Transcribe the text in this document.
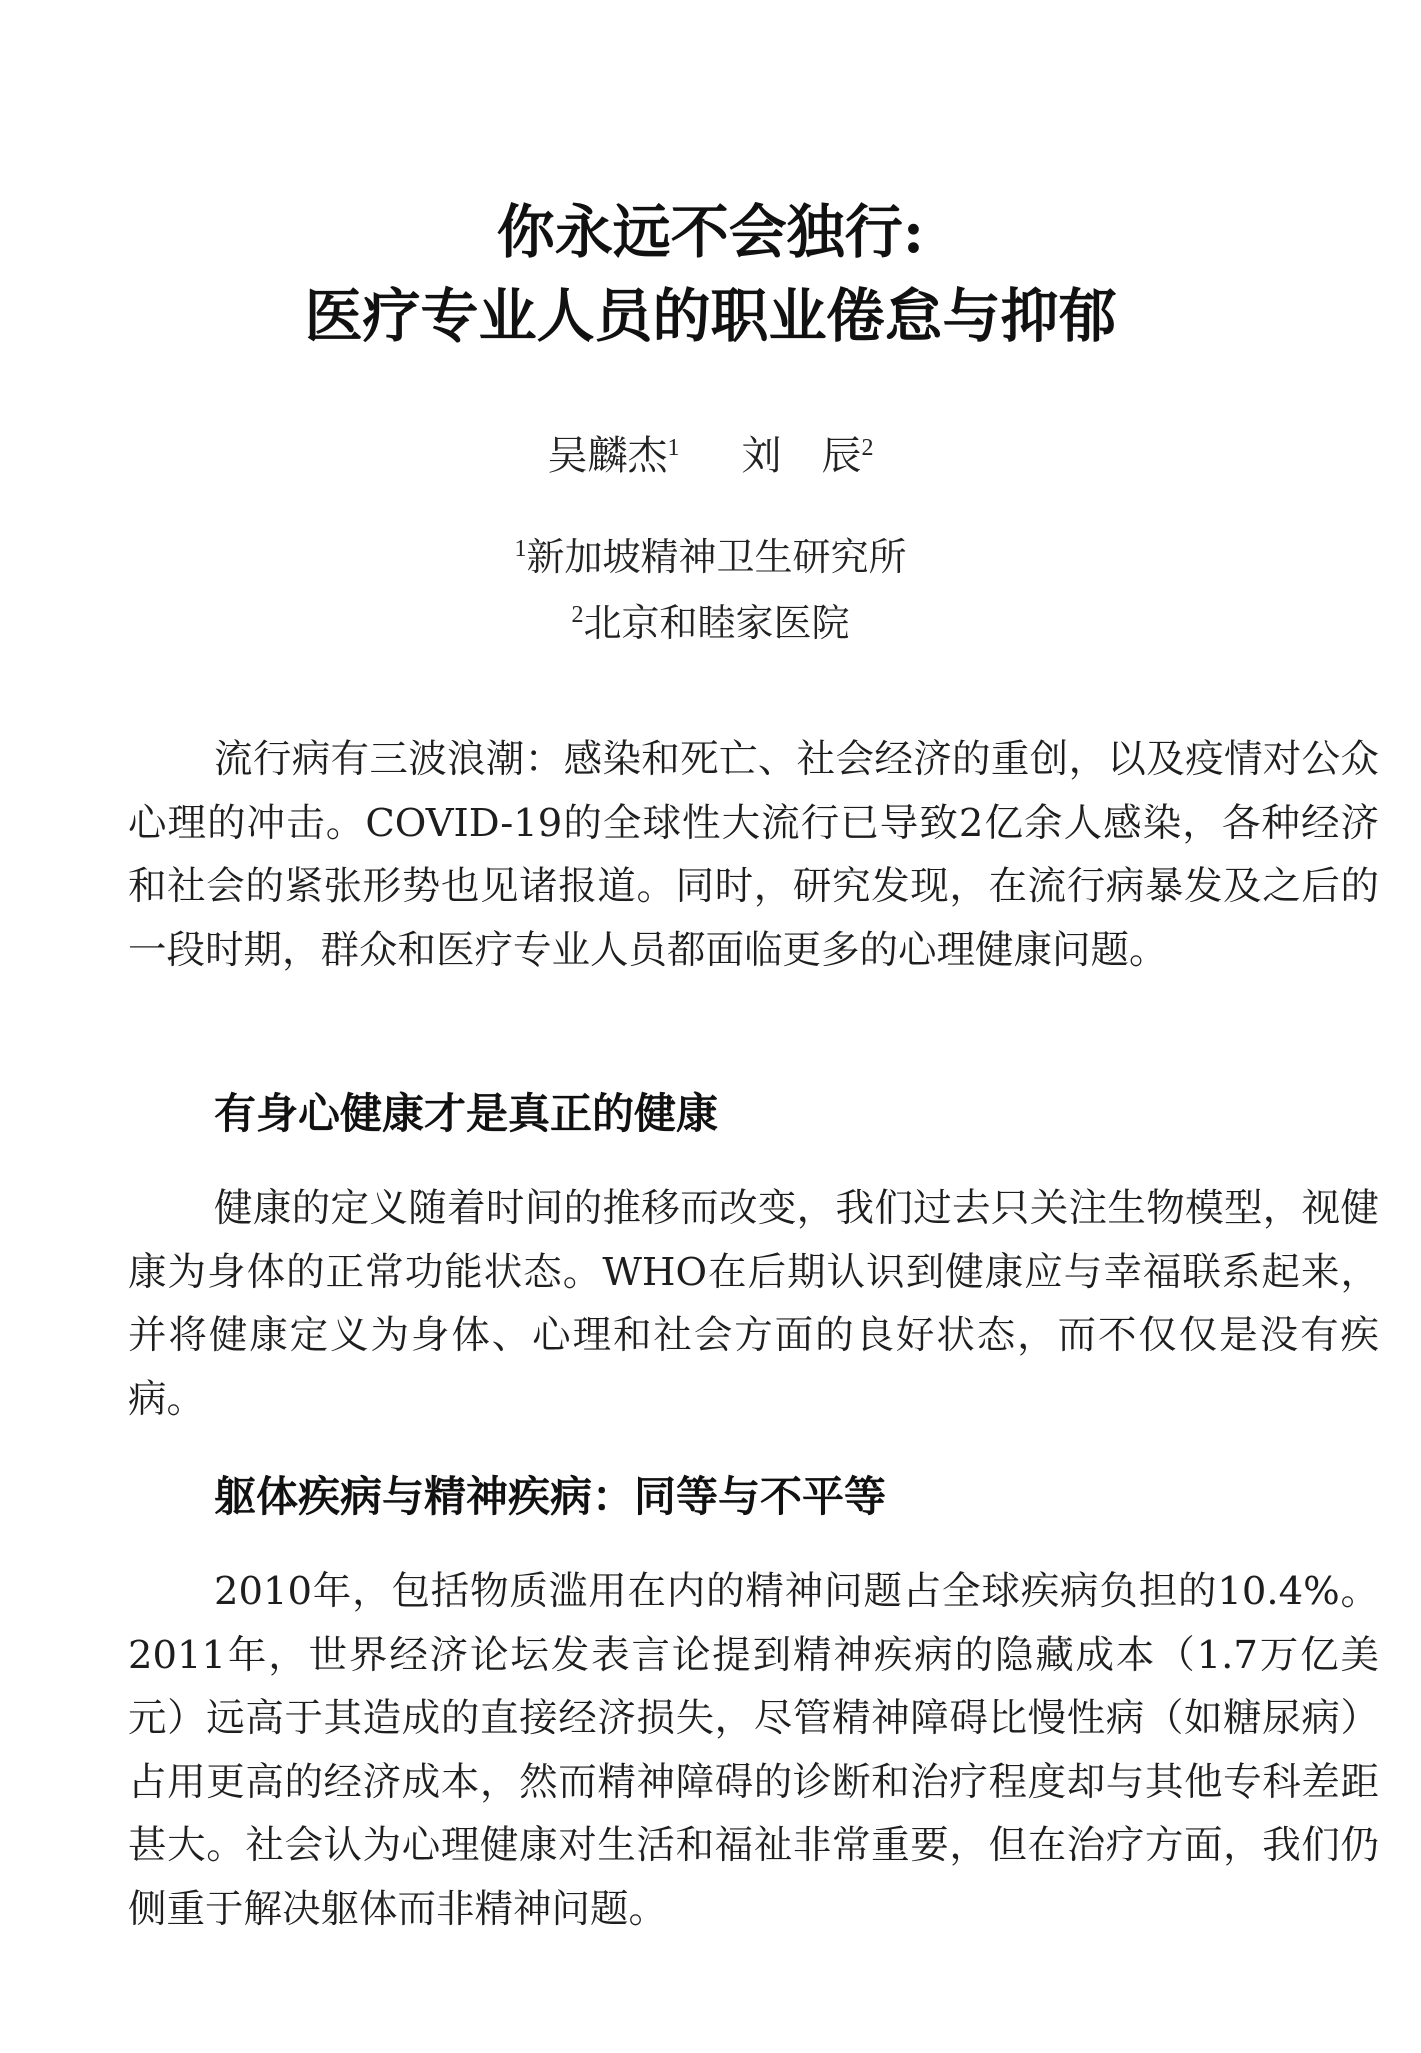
你永远不会独行:
医疗专业人员的职业倦怠与抑郁
吴麟杰$^1$ 刘　辰$^2$
$^1$新加坡精神卫生研究所
$^2$北京和睦家医院

流行病有三波浪潮：感染和死亡、社会经济的重创，以及疫情对公众心理的冲击。COVID-19的全球性大流行已导致2亿余人感染，各种经济和社会的紧张形势也见诸报道。同时，研究发现，在流行病暴发及之后的一段时期，群众和医疗专业人员都面临更多的心理健康问题。

有身心健康才是真正的健康

健康的定义随着时间的推移而改变，我们过去只关注生物模型，视健康为身体的正常功能状态。WHO在后期认识到健康应与幸福联系起来，并将健康定义为身体、心理和社会方面的良好状态，而不仅仅是没有疾病。

躯体疾病与精神疾病：同等与不平等

2010年，包括物质滥用在内的精神问题占全球疾病负担的10.4%。2011年，世界经济论坛发表言论提到精神疾病的隐藏成本（1.7万亿美元）远高于其造成的直接经济损失，尽管精神障碍比慢性病（如糖尿病）占用更高的经济成本，然而精神障碍的诊断和治疗程度却与其他专科差距甚大。社会认为心理健康对生活和福祉非常重要，但在治疗方面，我们仍侧重于解决躯体而非精神问题。
